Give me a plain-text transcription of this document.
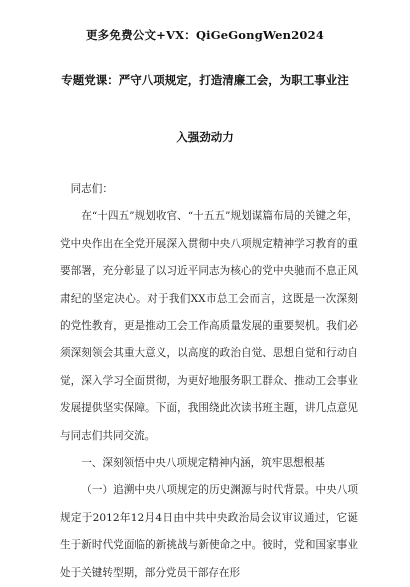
更多免费公文+VX：QiGeGongWen2024
专题党课：严守八项规定，打造清廉工会，为职工事业注
入强劲动力

同志们：

在“十四五”规划收官、“十五五”规划谋篇布局的关键之年，党中央作出在全党开展深入贯彻中央八项规定精神学习教育的重要部署，充分彰显了以习近平同志为核心的党中央驰而不息正风肃纪的坚定决心。对于我们XX市总工会而言，这既是一次深刻的党性教育，更是推动工会工作高质量发展的重要契机。我们必须深刻领会其重大意义，以高度的政治自觉、思想自觉和行动自觉，深入学习全面贯彻，为更好地服务职工群众、推动工会事业发展提供坚实保障。下面，我围绕此次读书班主题，讲几点意见与同志们共同交流。

一、深刻领悟中央八项规定精神内涵，筑牢思想根基

（一）追溯中央八项规定的历史渊源与时代背景。中央八项规定于2012年12月4日由中共中央政治局会议审议通过，它诞生于新时代党面临的新挑战与新使命之中。彼时，党和国家事业处于关键转型期，部分党员干部存在形
